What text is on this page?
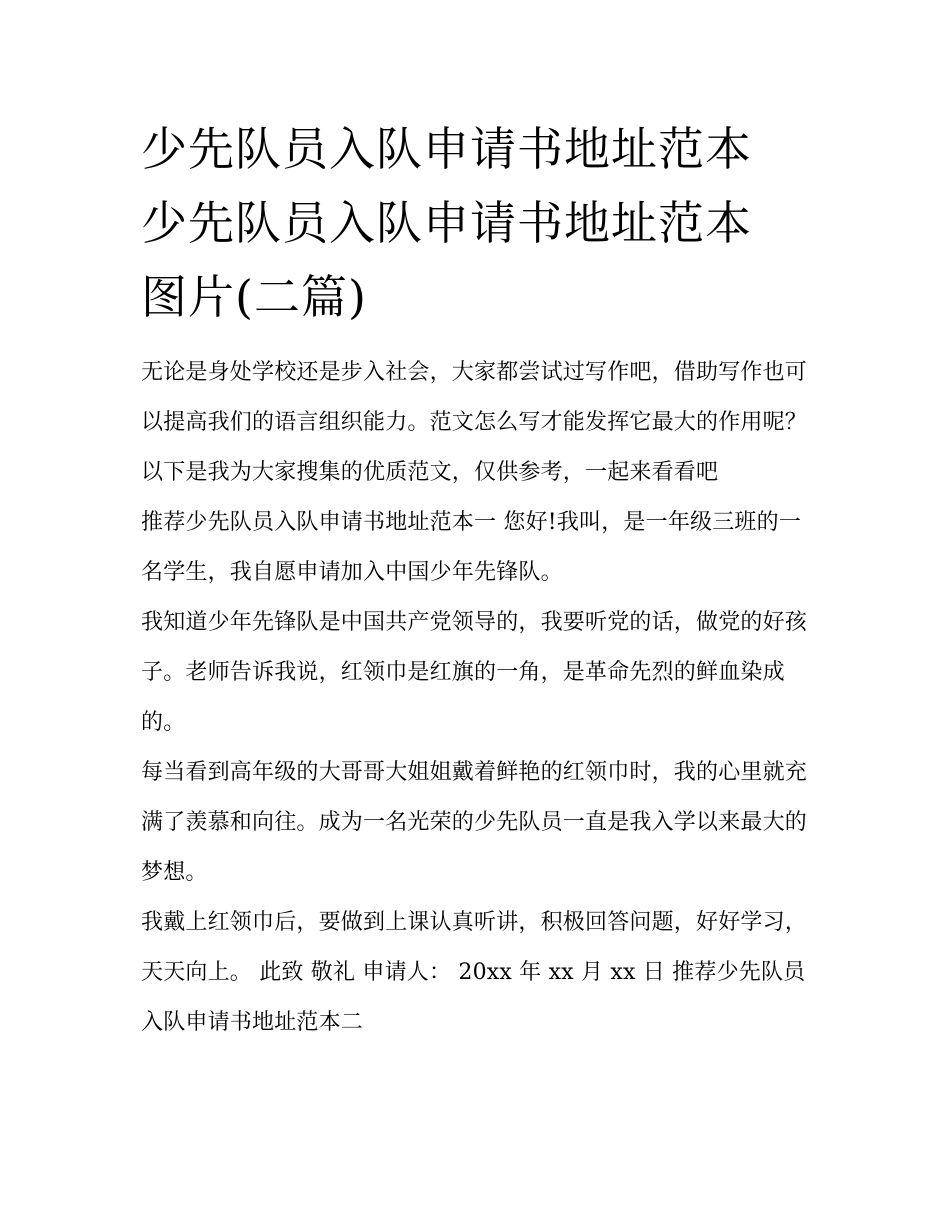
少先队员入队申请书地址范本
少先队员入队申请书地址范本
图片(二篇)

无论是身处学校还是步入社会，大家都尝试过写作吧，借助写作也可以提高我们的语言组织能力。范文怎么写才能发挥它最大的作用呢？以下是我为大家搜集的优质范文，仅供参考，一起来看看吧

推荐少先队员入队申请书地址范本一 您好!我叫，是一年级三班的一名学生，我自愿申请加入中国少年先锋队。

我知道少年先锋队是中国共产党领导的，我要听党的话，做党的好孩子。老师告诉我说，红领巾是红旗的一角，是革命先烈的鲜血染成的。

每当看到高年级的大哥哥大姐姐戴着鲜艳的红领巾时，我的心里就充满了羡慕和向往。成为一名光荣的少先队员一直是我入学以来最大的梦想。

我戴上红领巾后，要做到上课认真听讲，积极回答问题，好好学习，天天向上。 此致 敬礼 申请人： 20xx 年 xx 月 xx 日 推荐少先队员入队申请书地址范本二
